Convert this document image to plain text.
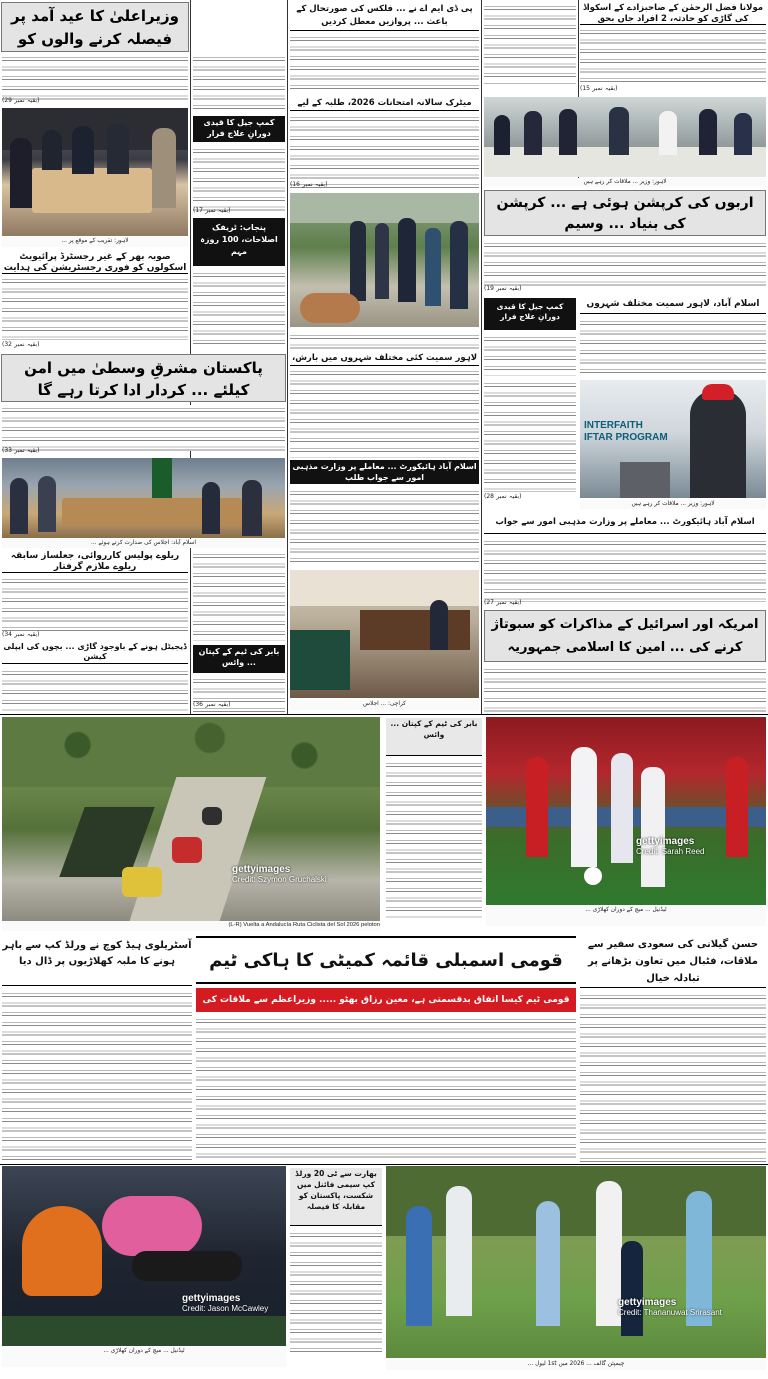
وزیراعلیٰ کا عید آمد پر فیصلہ کرنے والوں کو
(بقیہ نمبر 29)
لاہور: تقریب کے موقع پر ...
صوبہ بھر کے غیر رجسٹرڈ پرائیویٹ اسکولوں کو فوری رجسٹریشن کی ہدایت
(بقیہ نمبر 32)
کمپ جیل کا قیدی دورانِ علاج فرار
(بقیہ نمبر 17)
پنجاب: ٹریفک اصلاحات، 100 روزہ مہم
پی ڈی ایم اے نے ... فلکس کی صورتحال کے باعث ... پروازیں معطل کردیں
میٹرک سالانہ امتحانات 2026، طلبہ کے لیے
(بقیہ نمبر 16)
مولانا فضل الرحمٰن کے صاحبزادے کے اسکواڈ کی گاڑی کو حادثہ، 2 افراد جاں بحق
(بقیہ نمبر 15)
لاہور: وزیر ... ملاقات کر رہے ہیں
اربوں کی کرپشن ہوئی ہے ... کرپشن کی بنیاد ... وسیم
(بقیہ نمبر 19)
کمپ جیل کا قیدی دورانِ علاج فرار
اسلام آباد، لاہور سمیت مختلف شہروں
پاکستان مشرقِ وسطیٰ میں امن کیلئے ... کردار ادا کرتا رہے گا
(بقیہ نمبر 33)
اسلام آباد: اجلاس کی صدارت کرتے ہوئے ...
ریلوے پولیس کارروائی، جعلساز سابقہ ریلوے ملازم گرفتار
(بقیہ نمبر 34)
ڈیجیٹل ہونے کے باوجود گاڑی ... بچوں کی ایپلی کیشن
بابر کی ٹیم کے کپتان ... وائس
(بقیہ نمبر 36)
لاہور سمیت کئی مختلف شہروں میں بارش،
اسلام آباد ہائیکورٹ ... معاملے پر وزارت مذہبی امور سے جواب طلب
کراچی: ... اجلاس
(بقیہ نمبر 28)
INTERFAITH IFTAR PROGRAM
لاہور: وزیر ... ملاقات کر رہے ہیں
اسلام آباد ہائیکورٹ ... معاملے پر وزارت مذہبی امور سے جواب
(بقیہ نمبر 27)
امریکہ اور اسرائیل کے مذاکرات کو سبوتاژ کرنے کی ... امین کا اسلامی جمہوریہ
gettyimages
Credit: Szymon Gruchalski
(L-R) Vuelta a Andalucía Ruta Ciclista del Sol 2026 peloton
بابر کی ٹیم کے کپتان ... وائس
gettyimages
Credit: Sarah Reed
ٹیڈنیل ... میچ کے دوران کھلاڑی ...
قومی اسمبلی قائمہ کمیٹی کا ہاکی ٹیم
قومی ٹیم کیسا اتفاق بدقسمتی ہے، معین رزاق بھٹو ..... وزیراعظم سے ملاقات کی
حسن گیلانی کی سعودی سفیر سے ملاقات، فٹبال میں تعاون بڑھانے پر تبادلہ خیال
آسٹریلوی ہیڈ کوچ نے ورلڈ کپ سے باہر ہونے کا ملبہ کھلاڑیوں پر ڈال دیا
gettyimages
Credit: Jason McCawley
بھارت سے ٹی 20 ورلڈ کپ سیمی فائنل میں شکست، پاکستان کو مقابلہ کا فیصلہ
gettyimages
Credit: Thananuwat Srirasant
چیمپئن گالف ... 2026 میں 1st لیول ...
ٹیڈنیل ... میچ کے دوران کھلاڑی ...
